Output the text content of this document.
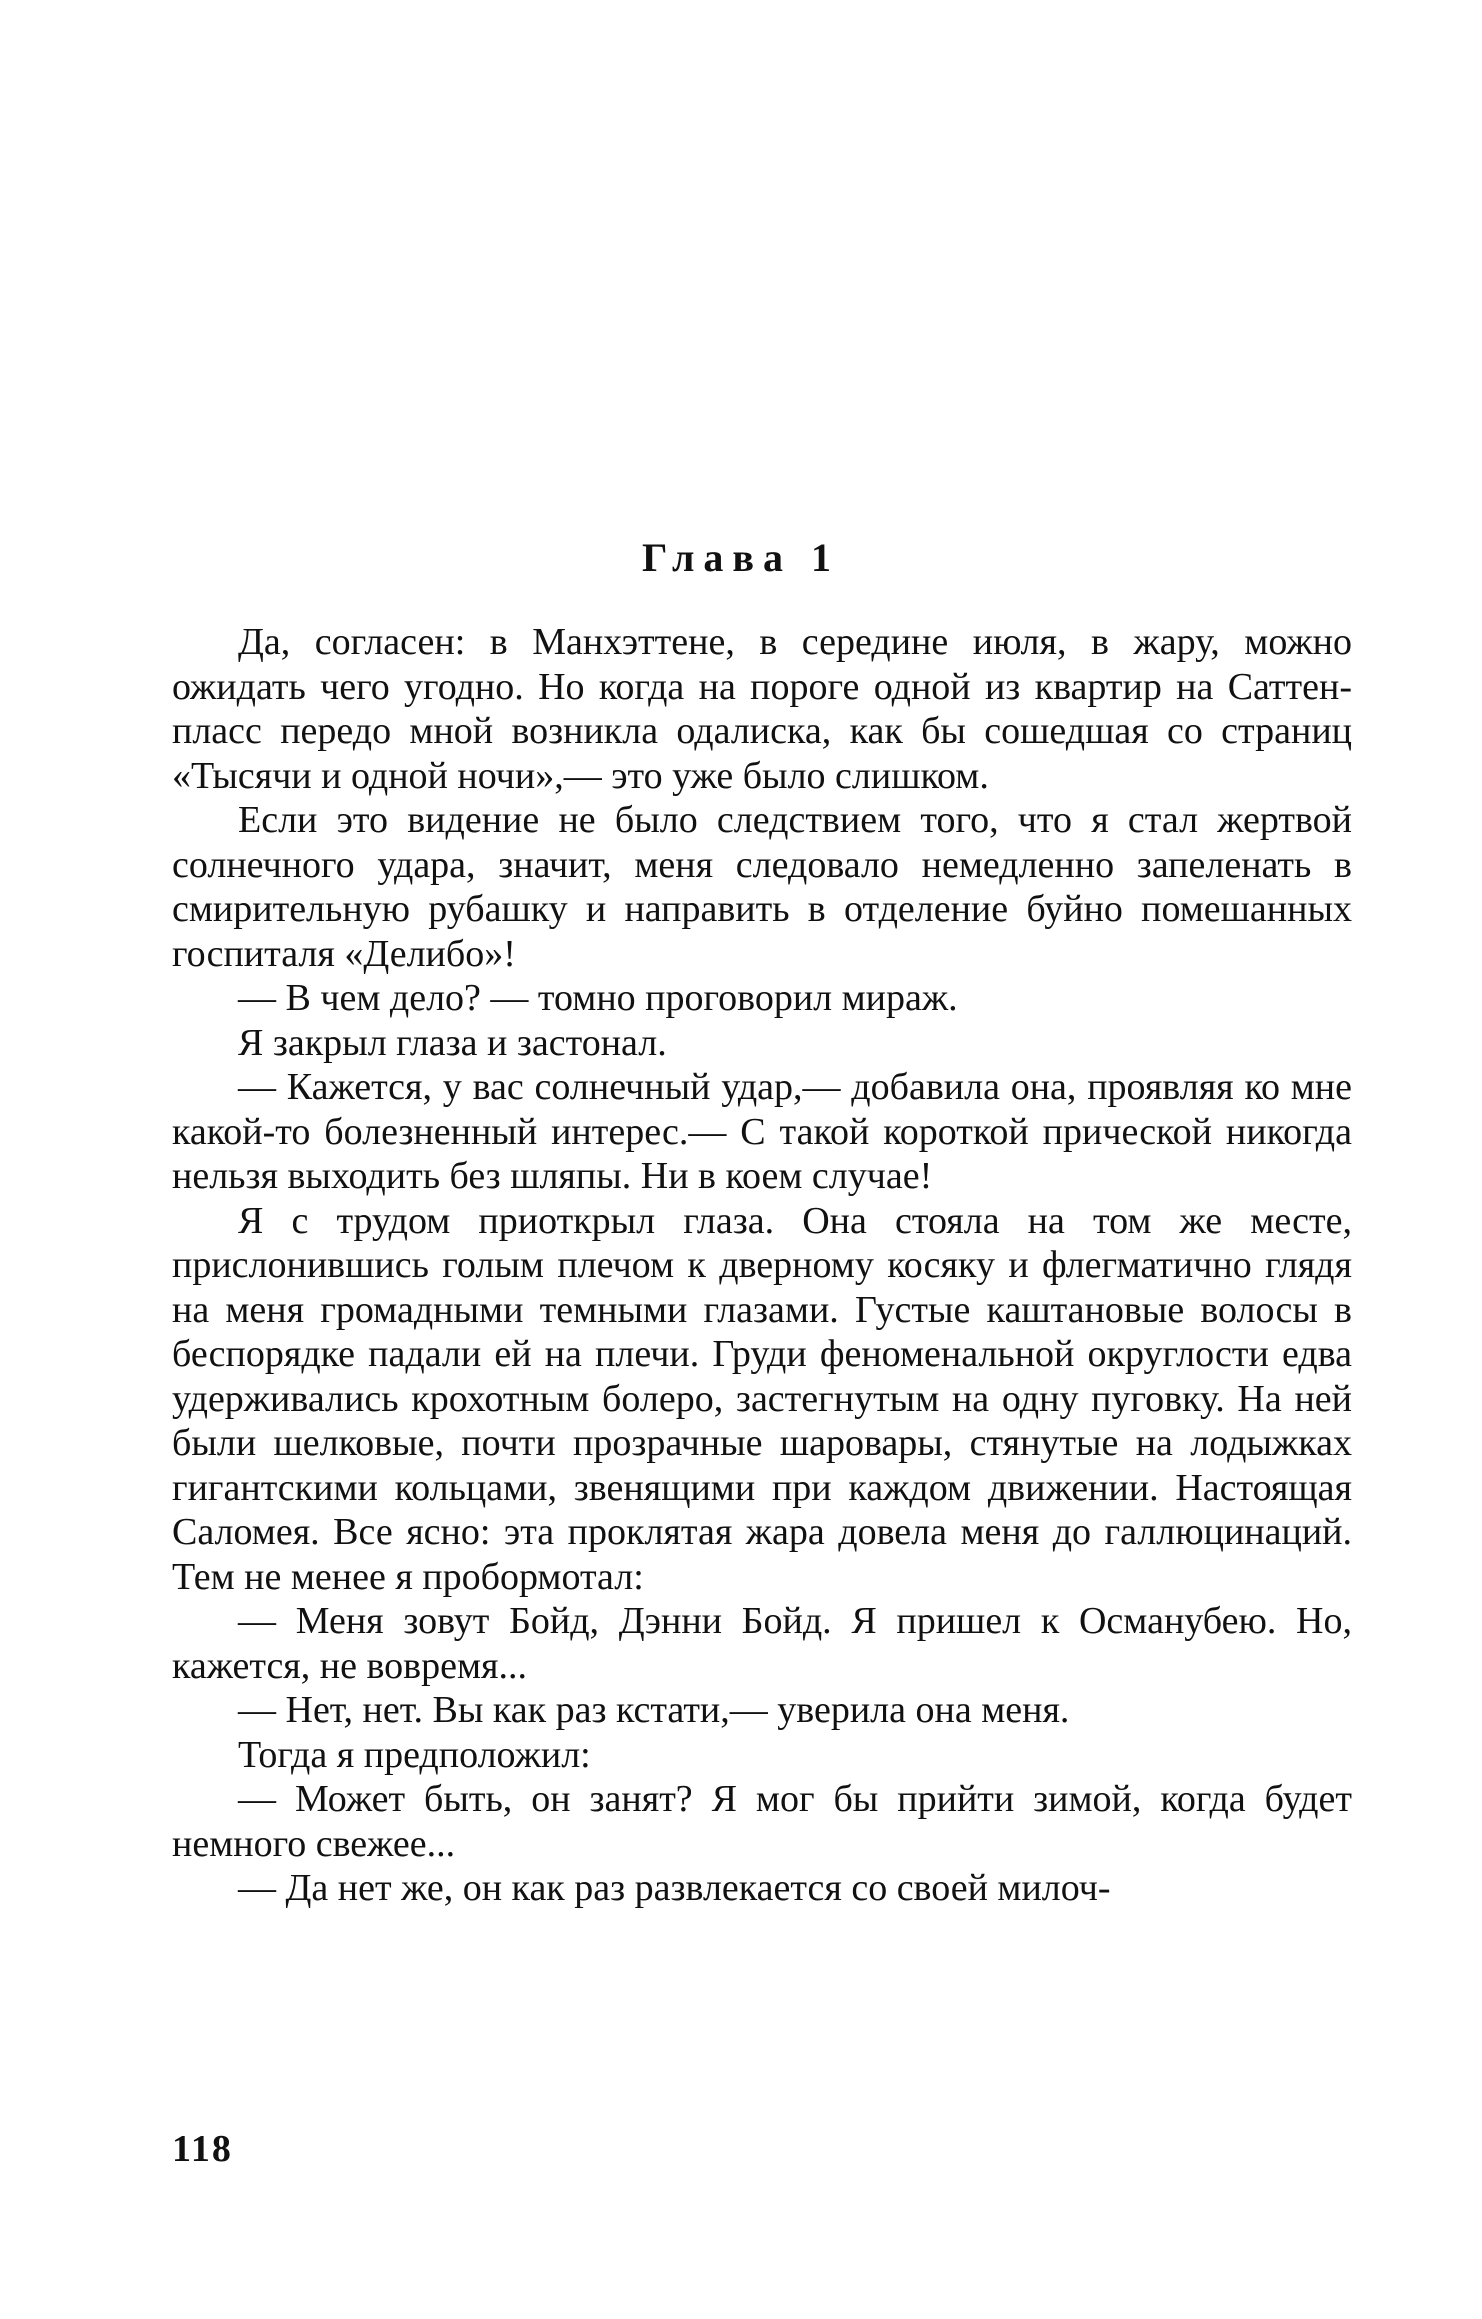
Глава 1

Да, согласен: в Манхэттене, в середине июля, в жару, можно ожидать чего угодно. Но когда на пороге одной из квартир на Саттен-пласс передо мной возникла одалиска, как бы сошедшая со страниц «Тысячи и одной ночи»,— это уже было слишком.

Если это видение не было следствием того, что я стал жертвой солнечного удара, значит, меня следовало немедленно запеленать в смирительную рубашку и направить в отделение буйно помешанных госпиталя «Делибо»!

— В чем дело? — томно проговорил мираж.

Я закрыл глаза и застонал.

— Кажется, у вас солнечный удар,— добавила она, проявляя ко мне какой-то болезненный интерес.— С такой короткой прической никогда нельзя выходить без шляпы. Ни в коем случае!

Я с трудом приоткрыл глаза. Она стояла на том же месте, прислонившись голым плечом к дверному косяку и флегматично глядя на меня громадными темными глазами. Густые каштановые волосы в беспорядке падали ей на плечи. Груди феноменальной округлости едва удерживались крохотным болеро, застегнутым на одну пуговку. На ней были шелковые, почти прозрачные шаровары, стянутые на лодыжках гигантскими кольцами, звенящими при каждом движении. Настоящая Саломея. Все ясно: эта проклятая жара довела меня до галлюцинаций. Тем не менее я пробормотал:

— Меня зовут Бойд, Дэнни Бойд. Я пришел к Османубею. Но, кажется, не вовремя...

— Нет, нет. Вы как раз кстати,— уверила она меня.

Тогда я предположил:

— Может быть, он занят? Я мог бы прийти зимой, когда будет немного свежее...

— Да нет же, он как раз развлекается со своей милоч-

118
